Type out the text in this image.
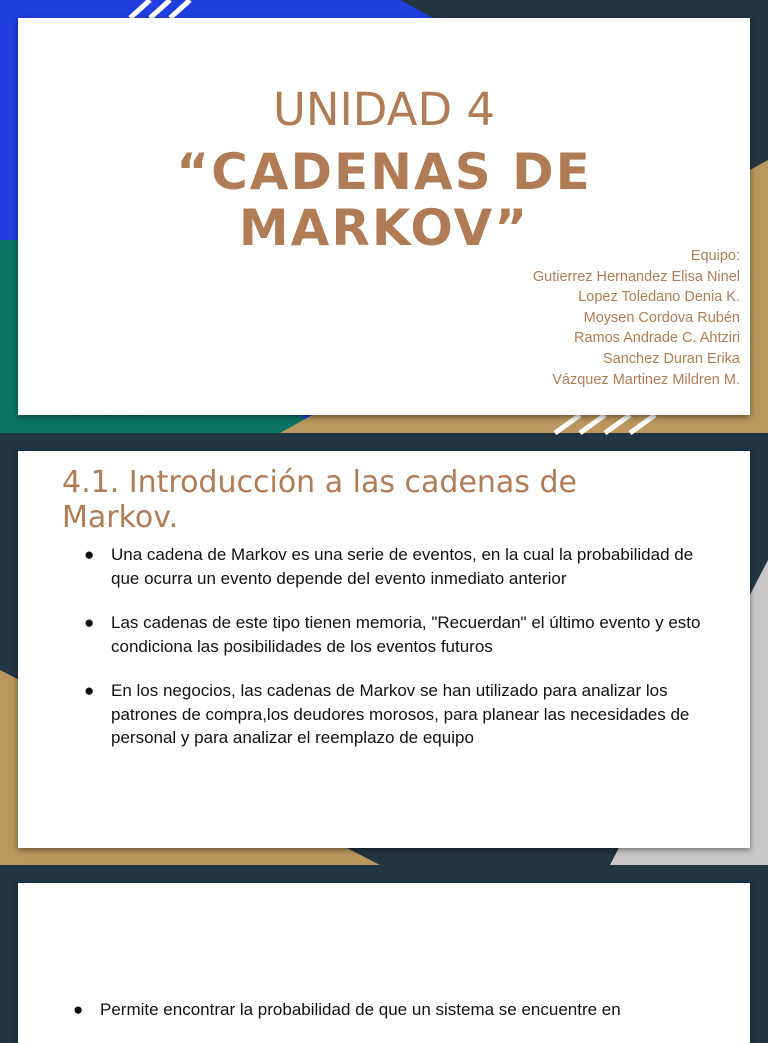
UNIDAD 4
“CADENAS DE
MARKOV”	Equipo:
Gutierrez Hernandez Elisa Ninel
Lopez Toledano Denia K.
Moysen Cordova Rubén
Ramos Andrade C. Ahtziri
Sanchez Duran Erika
Vázquez Martinez Mildren M.
4.1. Introducción a las cadenas de Markov.
● Una cadena de Markov es una serie de eventos, en la cual la probabilidad de que ocurra un evento depende del evento inmediato anterior
● Las cadenas de este tipo tienen memoria, "Recuerdan" el último evento y esto condiciona las posibilidades de los eventos futuros
● En los negocios, las cadenas de Markov se han utilizado para analizar los patrones de compra,los deudores morosos, para planear las necesidades de personal y para analizar el reemplazo de equipo
● Permite encontrar la probabilidad de que un sistema se encuentre en
